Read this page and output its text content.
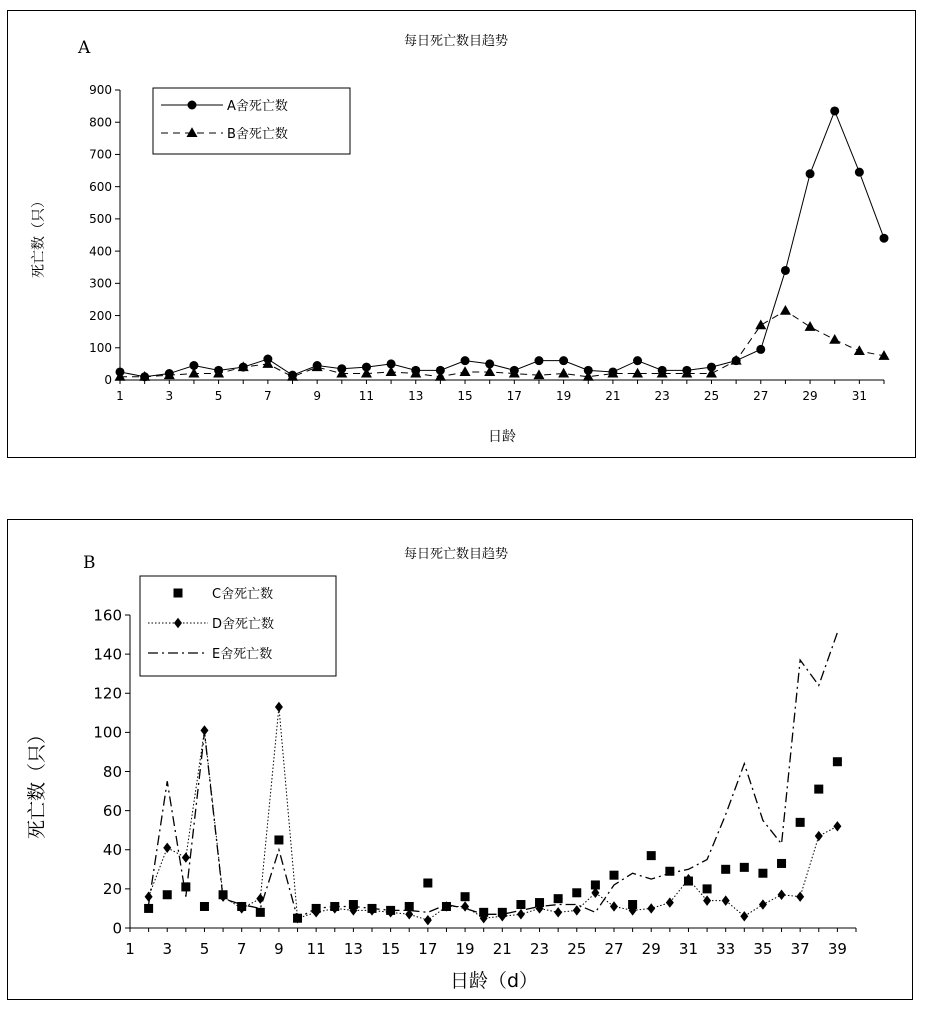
A	每日死亡数目趋势
0
100
200
300
400
500
600
700
800
900
1	3	5	7	9	11	13	15	17	19	21	23	25	27	29	31
日龄
死亡数（只）
A舍死亡数
B舍死亡数
B	每日死亡数目趋势
0
20
40
60
80
100
120
140
160
1 3 5 7 9 11 13 15 17 19 21 23 25 27 29 31 33 35 37 39
日龄（d）
死亡数（只）
C舍死亡数
D舍死亡数
E舍死亡数
